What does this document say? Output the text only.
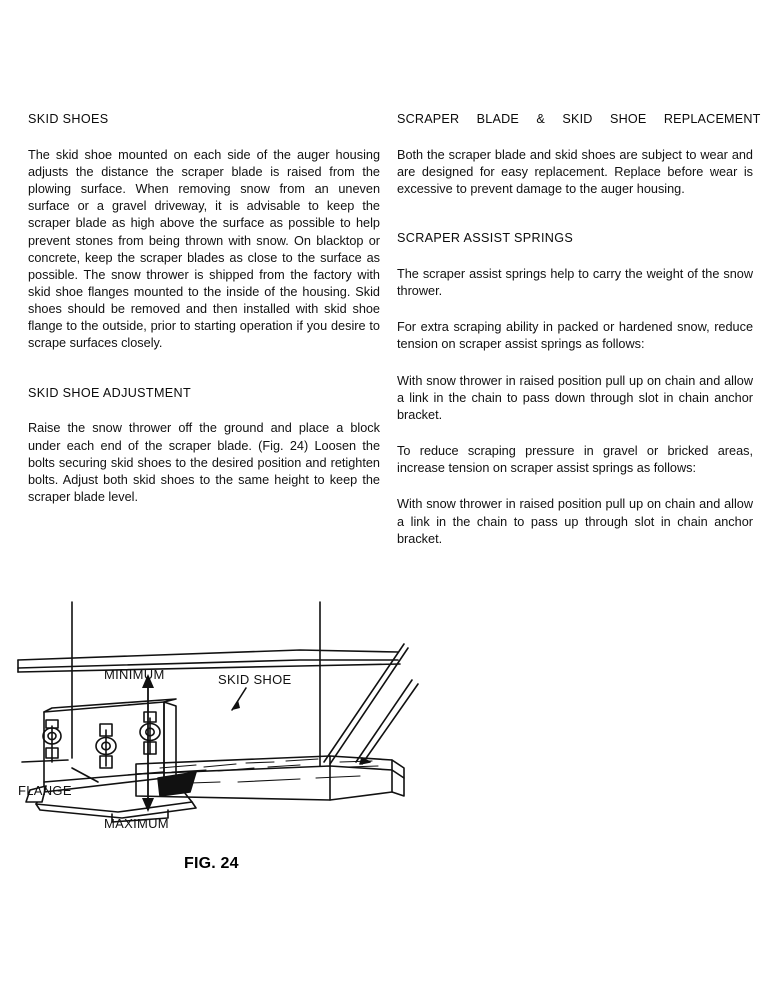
SKID SHOES

The skid shoe mounted on each side of the auger housing adjusts the distance the scraper blade is raised from the plowing surface. When removing snow from an uneven surface or a gravel driveway, it is advisable to keep the scraper blade as high above the surface as possible to help prevent stones from being thrown with snow. On blacktop or concrete, keep the scraper blades as close to the surface as possible. The snow thrower is shipped from the factory with skid shoe flanges mounted to the inside of the housing. Skid shoes should be removed and then installed with skid shoe flange to the outside, prior to starting operation if you desire to scrape surfaces closely.

SKID SHOE ADJUSTMENT

Raise the snow thrower off the ground and place a block under each end of the scraper blade. (Fig. 24) Loosen the bolts securing skid shoes to the desired position and retighten bolts. Adjust both skid shoes to the same height to keep the scraper blade level.

SCRAPER  BLADE  &  SKID  SHOE  REPLACEMENT

Both the scraper blade and skid shoes are subject to wear and are designed for easy replacement. Replace before wear is excessive to prevent damage to the auger housing.

SCRAPER ASSIST SPRINGS

The scraper assist springs help to carry the weight of the snow thrower.

For extra scraping ability in packed or hardened snow, reduce tension on scraper assist springs as follows:

With snow thrower in raised position pull up on chain and allow a link in the chain to pass down through slot in chain anchor bracket.

To reduce scraping pressure in gravel or bricked areas, increase tension on scraper assist springs as follows:

With snow thrower in raised position pull up on chain and allow a link in the chain to pass up through slot in chain anchor bracket.

MINIMUM
MAXIMUM
SKID SHOE
FLANGE
FIG. 24
